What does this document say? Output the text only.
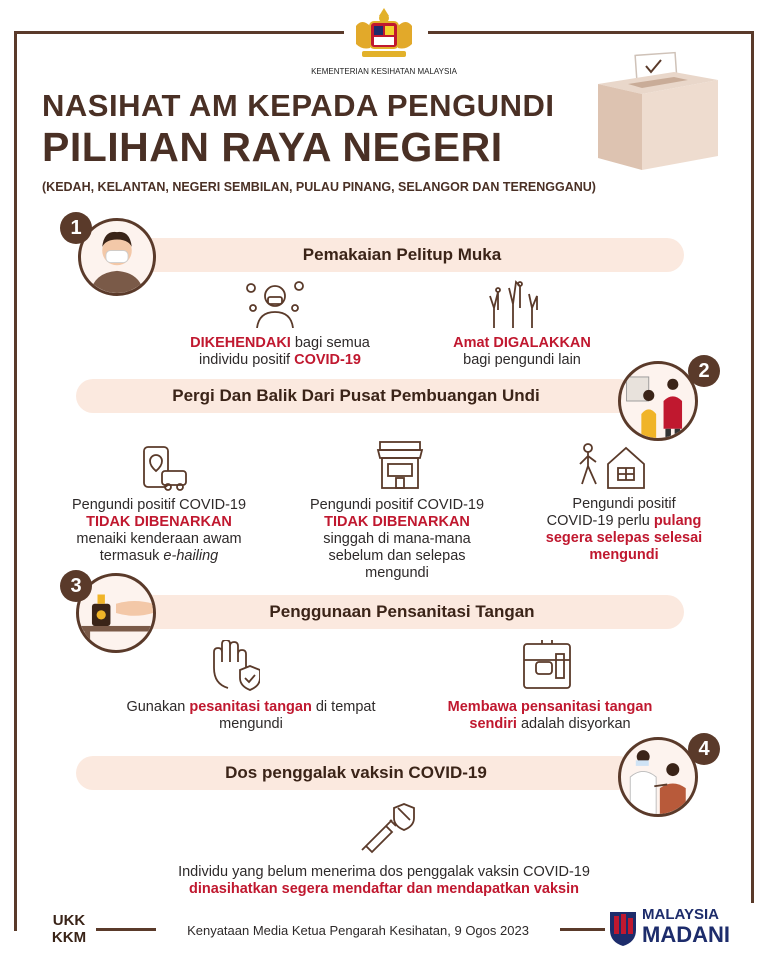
KEMENTERIAN KESIHATAN MALAYSIA
NASIHAT AM KEPADA PENGUNDI
PILIHAN RAYA NEGERI
(KEDAH, KELANTAN, NEGERI SEMBILAN, PULAU PINANG, SELANGOR DAN TERENGGANU)
Pemakaian Pelitup Muka
1
DIKEHENDAKI bagi semua
individu positif COVID-19
Amat DIGALAKKAN
bagi pengundi lain
Pergi Dan Balik Dari Pusat Pembuangan Undi
2
Pengundi positif COVID-19
TIDAK DIBENARKAN
menaiki kenderaan awam
termasuk e-hailing
Pengundi positif COVID-19
TIDAK DIBENARKAN
singgah di mana-mana
sebelum dan selepas
mengundi
Pengundi positif
COVID-19 perlu pulang
segera selepas selesai
mengundi
Penggunaan Pensanitasi Tangan
3
Gunakan pesanitasi tangan di tempat
mengundi
Membawa pensanitasi tangan
sendiri adalah disyorkan
Dos penggalak vaksin COVID-19
4
Individu yang belum menerima dos penggalak vaksin COVID-19
dinasihatkan segera mendaftar dan mendapatkan vaksin
UKK
KKM	Kenyataan Media Ketua Pengarah Kesihatan, 9 Ogos 2023
MALAYSIA
MADANI
